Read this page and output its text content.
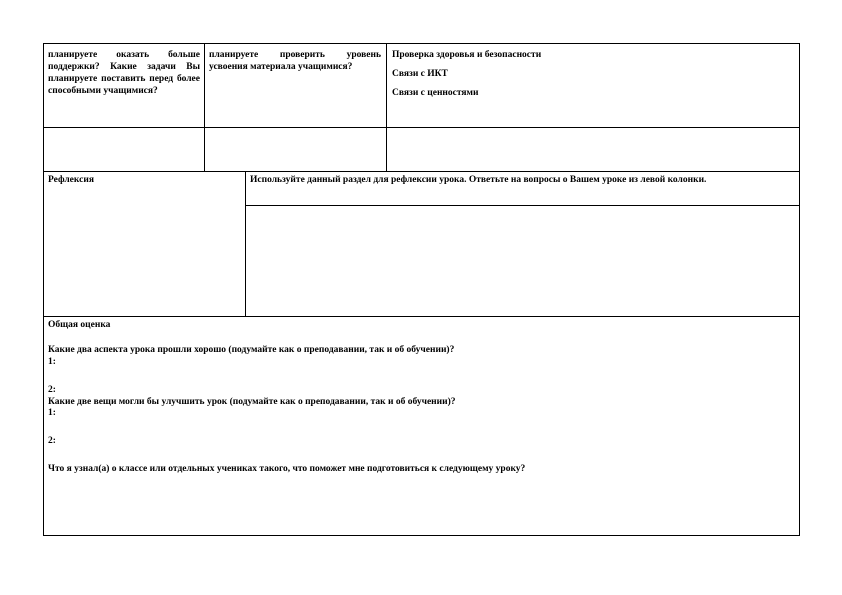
планируете оказать больше поддержки? Какие задачи Вы планируете поставить перед более способными учащимися?
планируете проверить уровень усвоения материала учащимися?
Проверка здоровья и безопасности
Связи с ИКТ
Связи с ценностями
Рефлексия	Используйте данный раздел для рефлексии урока. Ответьте на вопросы о Вашем уроке из левой колонки.
Общая оценка
Какие два аспекта урока прошли хорошо (подумайте как о преподавании, так и об обучении)?
1:
2:
Какие две вещи могли бы улучшить урок (подумайте как о преподавании, так и об обучении)?
1:
2:
Что я узнал(а) о классе или отдельных учениках такого, что поможет мне подготовиться к следующему уроку?
